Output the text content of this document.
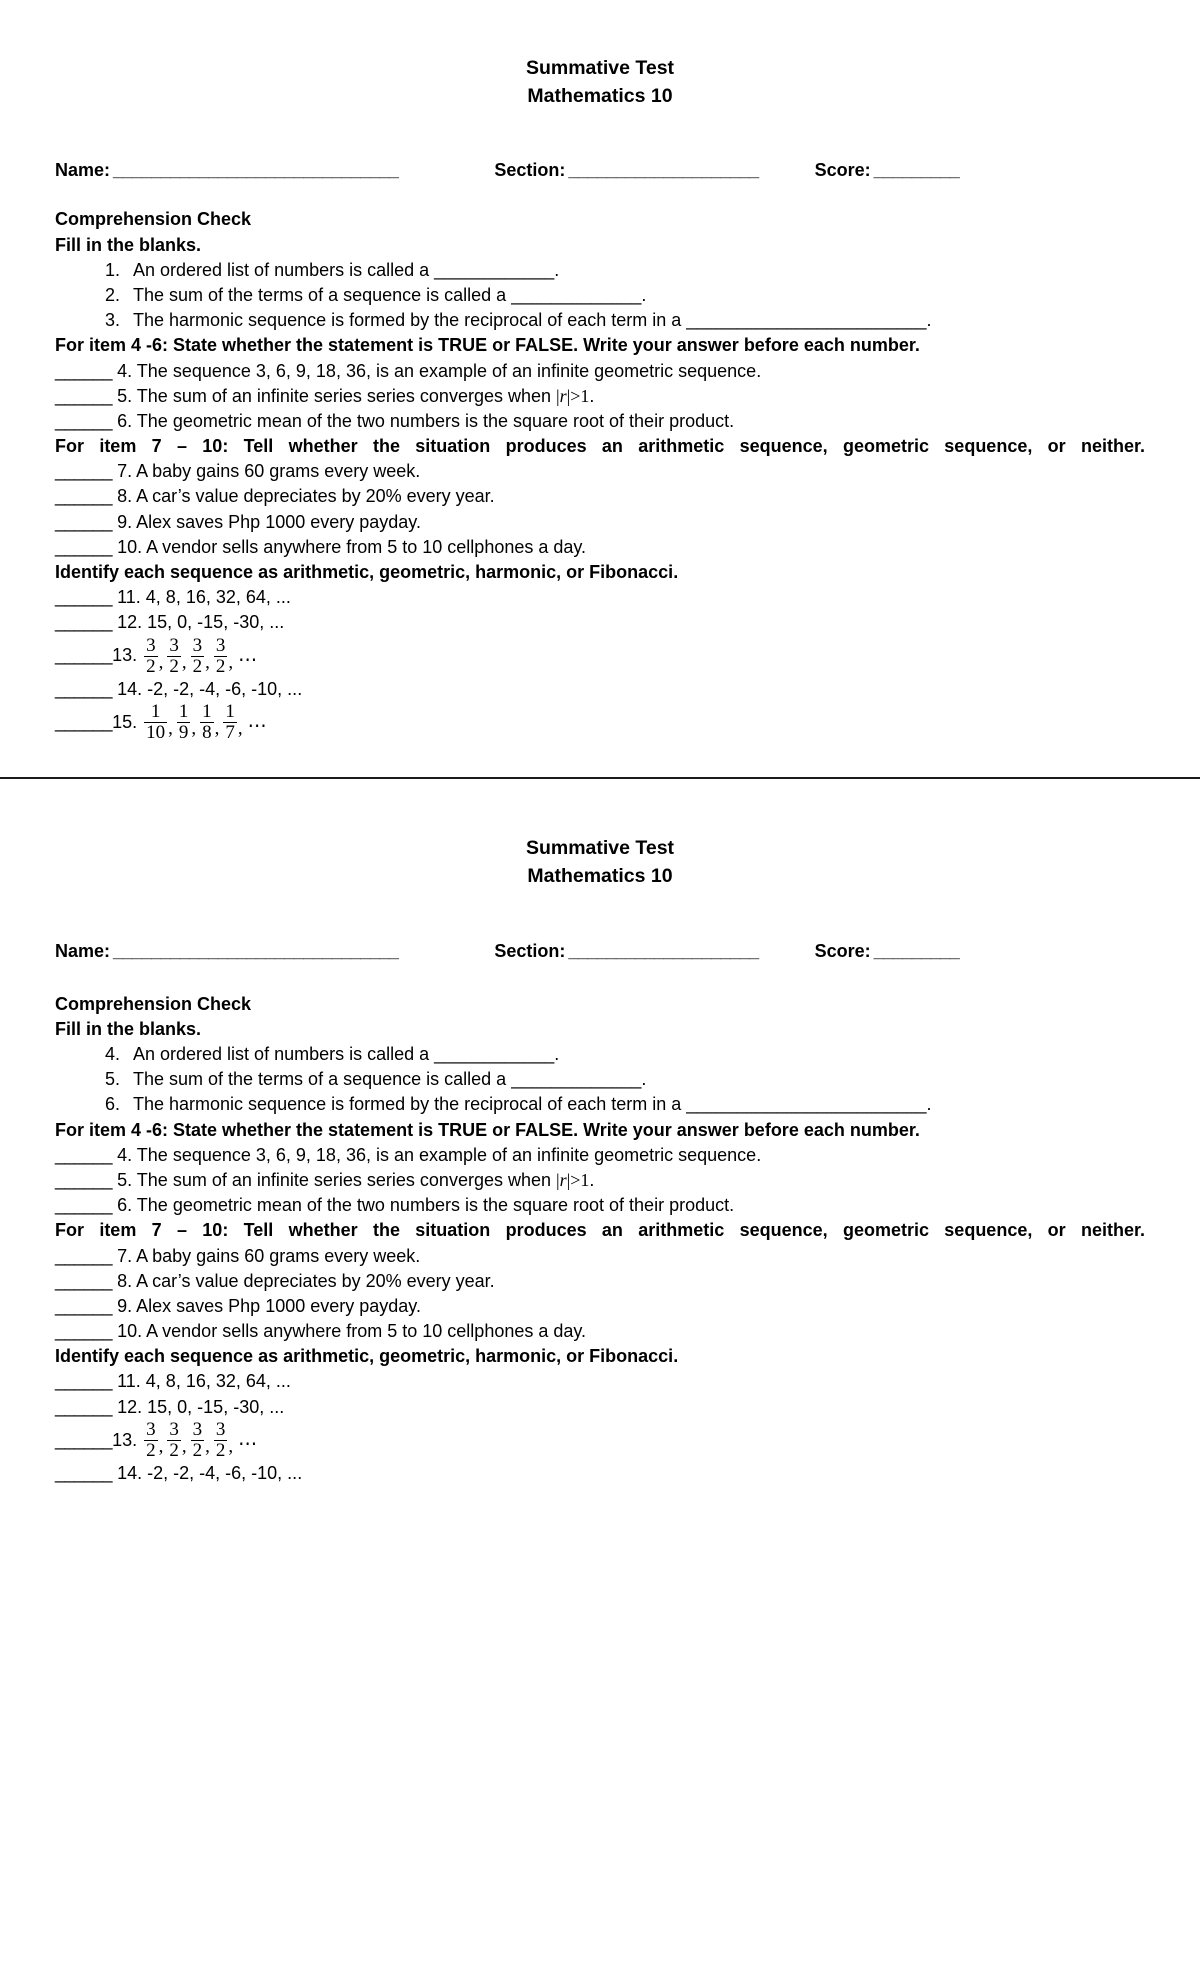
Summative Test
Mathematics 10
Name: ______________________________	Section: ____________________	Score: _________
Comprehension Check
Fill in the blanks.
1. An ordered list of numbers is called a ____________.
2. The sum of the terms of a sequence is called a _____________.
3. The harmonic sequence is formed by the reciprocal of each term in a ________________________.
For item 4 -6: State whether the statement is TRUE or FALSE. Write your answer before each number.
______ 4. The sequence 3, 6, 9, 18, 36, is an example of an infinite geometric sequence.
______ 5. The sum of an infinite series series converges when |r|>1.
______ 6. The geometric mean of the two numbers is the square root of their product.
For item 7 – 10: Tell whether the situation produces an arithmetic sequence, geometric sequence, or neither.
______ 7. A baby gains 60 grams every week.
______ 8. A car’s value depreciates by 20% every year.
______ 9. Alex saves Php 1000 every payday.
______ 10. A vendor sells anywhere from 5 to 10 cellphones a day.
Identify each sequence as arithmetic, geometric, harmonic, or Fibonacci.
______ 11. 4, 8, 16, 32, 64, ...
______ 12. 15, 0, -15, -30, ...
______ 13. $\frac{3}{2}$ , $\frac{3}{2}$ , $\frac{3}{2}$ , $\frac{3}{2}$ , ⋯
______ 14. -2, -2, -4, -6, -10, ...
______ 15. $\frac{1}{10}$ , $\frac{1}{9}$ , $\frac{1}{8}$ , $\frac{1}{7}$ , ⋯
Summative Test
Mathematics 10
Name: ______________________________	Section: ____________________	Score: _________
Comprehension Check
Fill in the blanks.
4. An ordered list of numbers is called a ____________.
5. The sum of the terms of a sequence is called a _____________.
6. The harmonic sequence is formed by the reciprocal of each term in a ________________________.
For item 4 -6: State whether the statement is TRUE or FALSE. Write your answer before each number.
______ 4. The sequence 3, 6, 9, 18, 36, is an example of an infinite geometric sequence.
______ 5. The sum of an infinite series series converges when |r|>1.
______ 6. The geometric mean of the two numbers is the square root of their product.
For item 7 – 10: Tell whether the situation produces an arithmetic sequence, geometric sequence, or neither.
______ 7. A baby gains 60 grams every week.
______ 8. A car’s value depreciates by 20% every year.
______ 9. Alex saves Php 1000 every payday.
______ 10. A vendor sells anywhere from 5 to 10 cellphones a day.
Identify each sequence as arithmetic, geometric, harmonic, or Fibonacci.
______ 11. 4, 8, 16, 32, 64, ...
______ 12. 15, 0, -15, -30, ...
______ 13. $\frac{3}{2}$ , $\frac{3}{2}$ , $\frac{3}{2}$ , $\frac{3}{2}$ , ⋯
______ 14. -2, -2, -4, -6, -10, ...
